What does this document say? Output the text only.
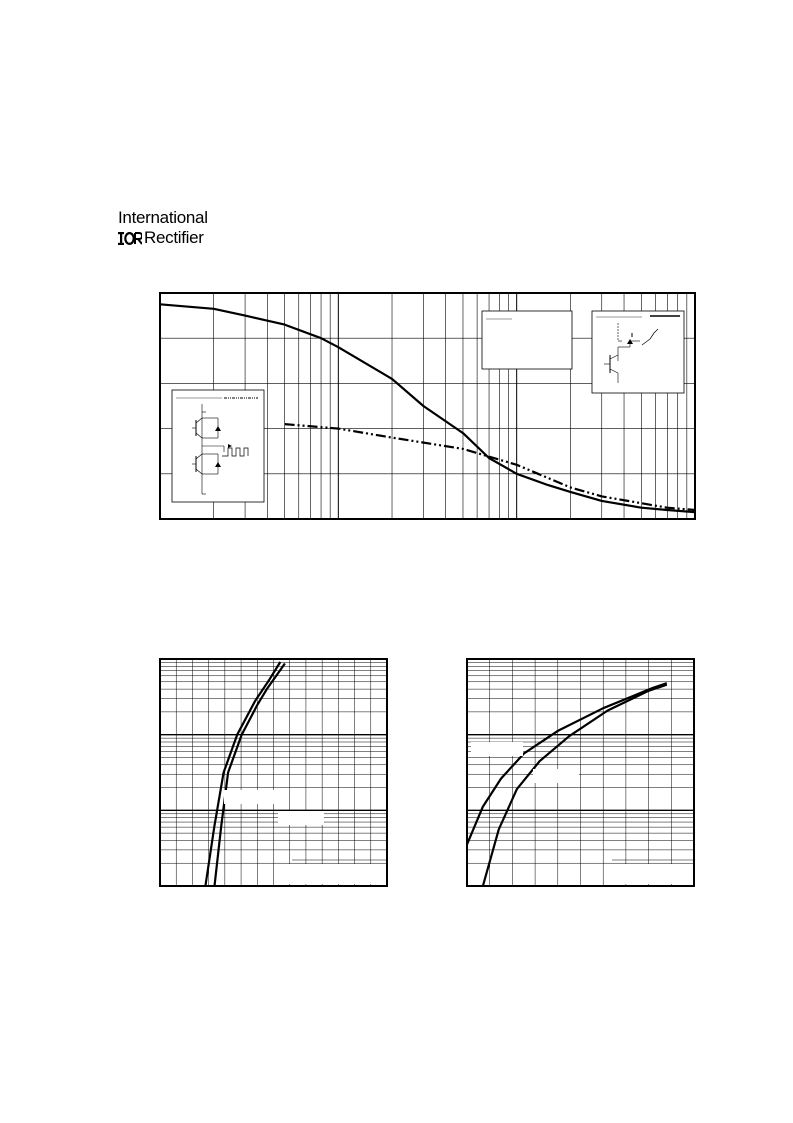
International
Rectifier
